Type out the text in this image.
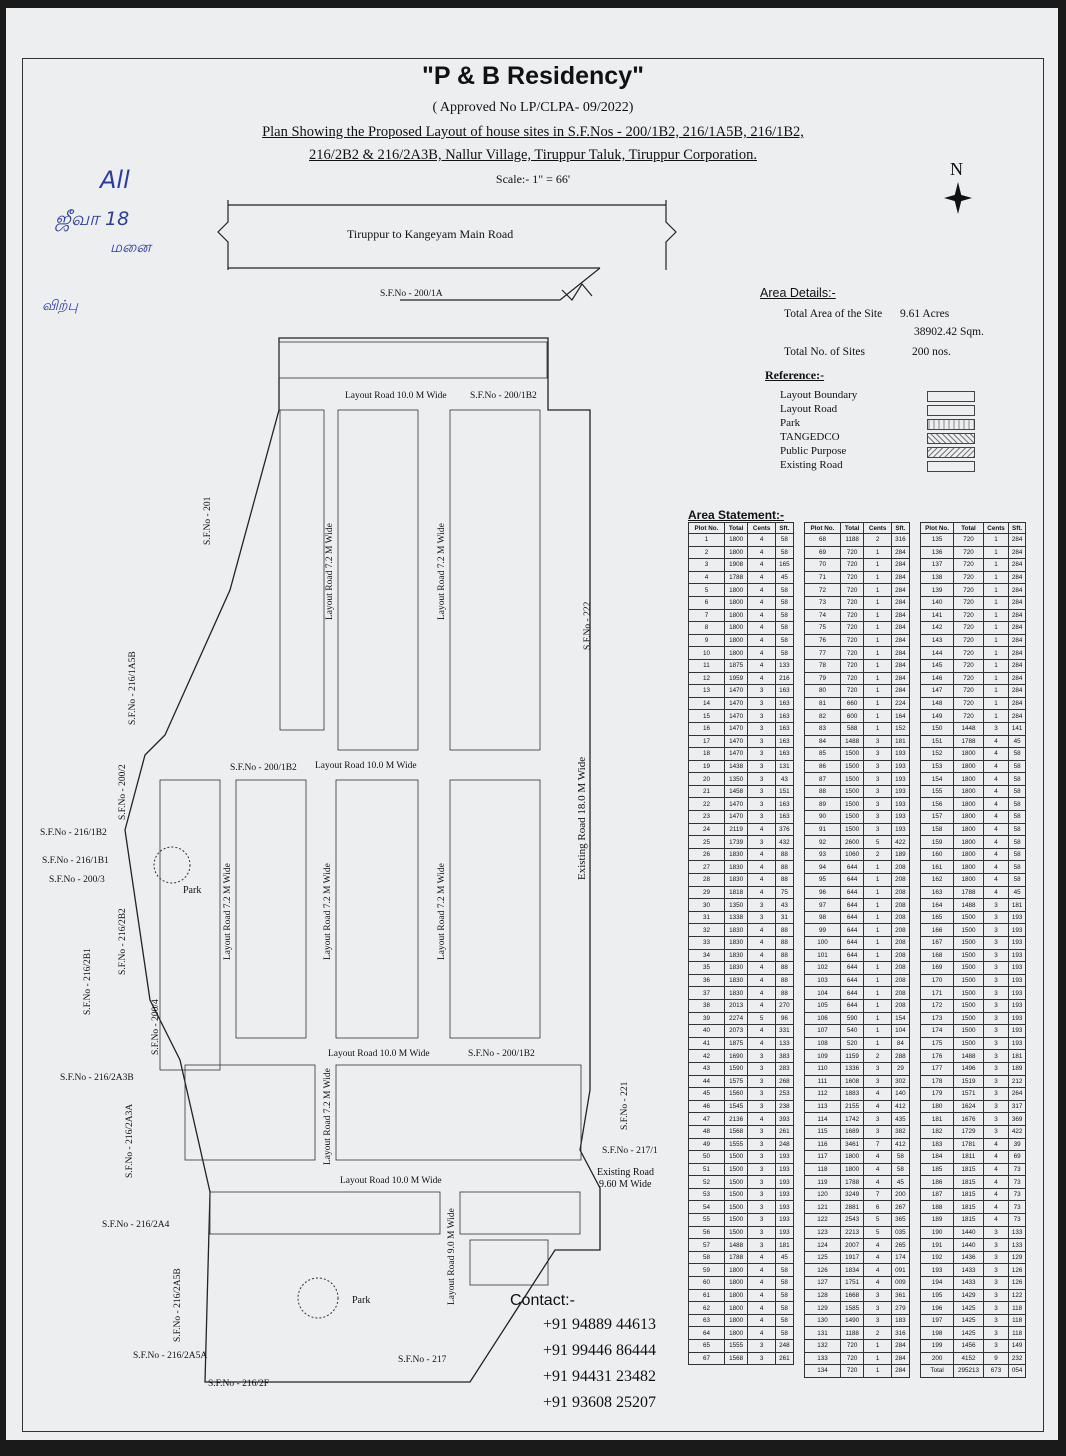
"P & B Residency"
( Approved No LP/CLPA- 09/2022)
Plan Showing the Proposed Layout of house sites in S.F.Nos - 200/1B2, 216/1A5B, 216/1B2,
216/2B2 & 216/2A3B, Nallur Village, Tiruppur Taluk, Tiruppur Corporation.
Scale:- 1" = 66'
All
ஜீவா 18
மனை
விற்பு
N
Tiruppur to Kangeyam Main Road
Park
Park
Layout Road 10.0 M Wide
Layout Road 10.0 M Wide
Layout Road 10.0 M Wide
Layout Road 10.0 M Wide
Layout Road 7.2 M Wide	Layout Road 7.2 M Wide
Layout Road 7.2 M Wide	Layout Road 7.2 M Wide	Layout Road 7.2 M Wide
Layout Road 7.2 M Wide
Layout Road 9.0 M Wide
Existing Road 18.0 M Wide
Existing Road
9.60 M Wide
S.F.No - 200/1A
S.F.No - 200/1B2
S.F.No - 200/1B2
S.F.No - 200/1B2
S.F.No - 201
S.F.No - 222
S.F.No - 216/1A5B
S.F.No - 200/2
S.F.No - 216/1B2
S.F.No - 216/1B1
S.F.No - 200/3
S.F.No - 216/2B2
S.F.No - 216/2B1
S.F.No - 200/4
S.F.No - 216/2A3B
S.F.No - 216/2A3A	S.F.No - 221
S.F.No - 217/1
S.F.No - 216/2A4
S.F.No - 216/2A5B
S.F.No - 216/2A5A	S.F.No - 217
S.F.No - 216/2F
Area Details:-
Total Area of the Site 9.61 Acres
38902.42 Sqm.
Total No. of Sites	200 nos.
Reference:-
Layout Boundary
Layout Road
Park
TANGEDCO
Public Purpose
Existing Road
Area Statement:-
Plot No.	Total	Cents	Sft.
1	1800	4	58
2	1800	4	58
3	1908	4	165
4	1788	4	45
5	1800	4	58
6	1800	4	58
7	1800	4	58
8	1800	4	58
9	1800	4	58
10	1800	4	58
11	1875	4	133
12	1959	4	216
13	1470	3	163
14	1470	3	163
15	1470	3	163
16	1470	3	163
17	1470	3	163
18	1470	3	163
19	1438	3	131
20	1350	3	43
21	1458	3	151
22	1470	3	163
23	1470	3	163
24	2119	4	376
25	1739	3	432
26	1830	4	88
27	1830	4	88
28	1830	4	88
29	1818	4	75
30	1350	3	43
31	1338	3	31
32	1830	4	88
33	1830	4	88
34	1830	4	88
35	1830	4	88
36	1830	4	88
37	1830	4	88
38	2013	4	270
39	2274	5	96
40	2073	4	331
41	1875	4	133
42	1690	3	383
43	1590	3	283
44	1575	3	268
45	1560	3	253
46	1545	3	238
47	2136	4	393
48	1568	3	261
49	1555	3	248
50	1500	3	193
51	1500	3	193
52	1500	3	193
53	1500	3	193
54	1500	3	193
55	1500	3	193
56	1500	3	193
57	1488	3	181
58	1788	4	45
59	1800	4	58
60	1800	4	58
61	1800	4	58
62	1800	4	58
63	1800	4	58
64	1800	4	58
65	1555	3	248
67	1568	3	261
Plot No.	Total	Cents	Sft.
68	1188	2	316
69	720	1	284
70	720	1	284
71	720	1	284
72	720	1	284
73	720	1	284
74	720	1	284
75	720	1	284
76	720	1	284
77	720	1	284
78	720	1	284
79	720	1	284
80	720	1	284
81	660	1	224
82	600	1	164
83	588	1	152
84	1488	3	181
85	1500	3	193
86	1500	3	193
87	1500	3	193
88	1500	3	193
89	1500	3	193
90	1500	3	193
91	1500	3	193
92	2600	5	422
93	1060	2	189
94	644	1	208
95	644	1	208
96	644	1	208
97	644	1	208
98	644	1	208
99	644	1	208
100	644	1	208
101	644	1	208
102	644	1	208
103	644	1	208
104	644	1	208
105	644	1	208
106	590	1	154
107	540	1	104
108	520	1	84
109	1159	2	288
110	1336	3	29
111	1608	3	302
112	1883	4	140
113	2155	4	412
114	1742	3	435
115	1689	3	382
116	3461	7	412
117	1800	4	58
118	1800	4	58
119	1788	4	45
120	3249	7	200
121	2881	6	267
122	2543	5	365
123	2213	5	035
124	2007	4	265
125	1917	4	174
126	1834	4	091
127	1751	4	009
128	1668	3	361
129	1585	3	279
130	1490	3	183
131	1188	2	316
132	720	1	284
133	720	1	284
134	720	1	284
Plot No.	Total	Cents	Sft.
135	720	1	284
136	720	1	284
137	720	1	284
138	720	1	284
139	720	1	284
140	720	1	284
141	720	1	284
142	720	1	284
143	720	1	284
144	720	1	284
145	720	1	284
146	720	1	284
147	720	1	284
148	720	1	284
149	720	1	284
150	1448	3	141
151	1788	4	45
152	1800	4	58
153	1800	4	58
154	1800	4	58
155	1800	4	58
156	1800	4	58
157	1800	4	58
158	1800	4	58
159	1800	4	58
160	1800	4	58
161	1800	4	58
162	1800	4	58
163	1788	4	45
164	1488	3	181
165	1500	3	193
166	1500	3	193
167	1500	3	193
168	1500	3	193
169	1500	3	193
170	1500	3	193
171	1500	3	193
172	1500	3	193
173	1500	3	193
174	1500	3	193
175	1500	3	193
176	1488	3	181
177	1496	3	189
178	1519	3	212
179	1571	3	264
180	1624	3	317
181	1676	3	369
182	1729	3	422
183	1781	4	39
184	1811	4	69
185	1815	4	73
186	1815	4	73
187	1815	4	73
188	1815	4	73
189	1815	4	73
190	1440	3	133
191	1440	3	133
192	1436	3	129
193	1433	3	126
194	1433	3	126
195	1429	3	122
196	1425	3	118
197	1425	3	118
198	1425	3	118
199	1456	3	149
200	4152	9	232
Total	295213	673	054
Contact:-
+91 94889 44613
+91 99446 86444
+91 94431 23482
+91 93608 25207
